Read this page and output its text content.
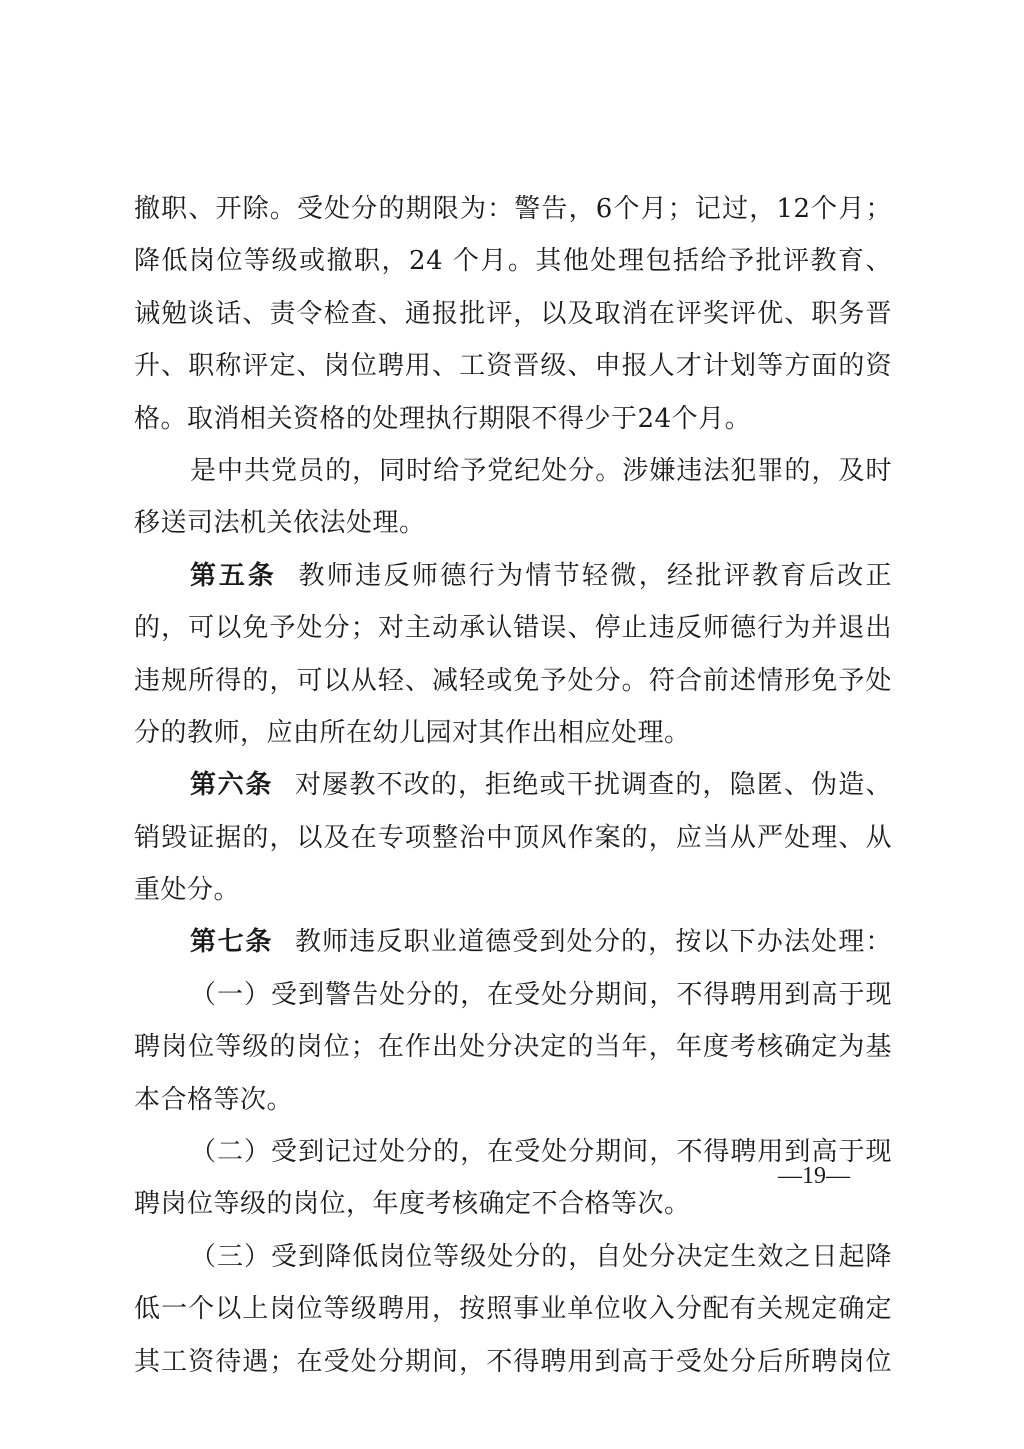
撤职、开除。受处分的期限为：警告，6个月；记过，12个月；
降低岗位等级或撤职，24 个月。其他处理包括给予批评教育、
诫勉谈话、责令检查、通报批评，以及取消在评奖评优、职务晋
升、职称评定、岗位聘用、工资晋级、申报人才计划等方面的资
格。取消相关资格的处理执行期限不得少于24个月。
是中共党员的，同时给予党纪处分。涉嫌违法犯罪的，及时
移送司法机关依法处理。
第五条 教师违反师德行为情节轻微，经批评教育后改正
的，可以免予处分；对主动承认错误、停止违反师德行为并退出
违规所得的，可以从轻、减轻或免予处分。符合前述情形免予处
分的教师，应由所在幼儿园对其作出相应处理。
第六条 对屡教不改的，拒绝或干扰调查的，隐匿、伪造、
销毁证据的，以及在专项整治中顶风作案的，应当从严处理、从
重处分。
第七条 教师违反职业道德受到处分的，按以下办法处理：
（一）受到警告处分的，在受处分期间，不得聘用到高于现
聘岗位等级的岗位；在作出处分决定的当年，年度考核确定为基
本合格等次。
（二）受到记过处分的，在受处分期间，不得聘用到高于现
聘岗位等级的岗位，年度考核确定不合格等次。
（三）受到降低岗位等级处分的，自处分决定生效之日起降
低一个以上岗位等级聘用，按照事业单位收入分配有关规定确定
其工资待遇；在受处分期间，不得聘用到高于受处分后所聘岗位
—19—
